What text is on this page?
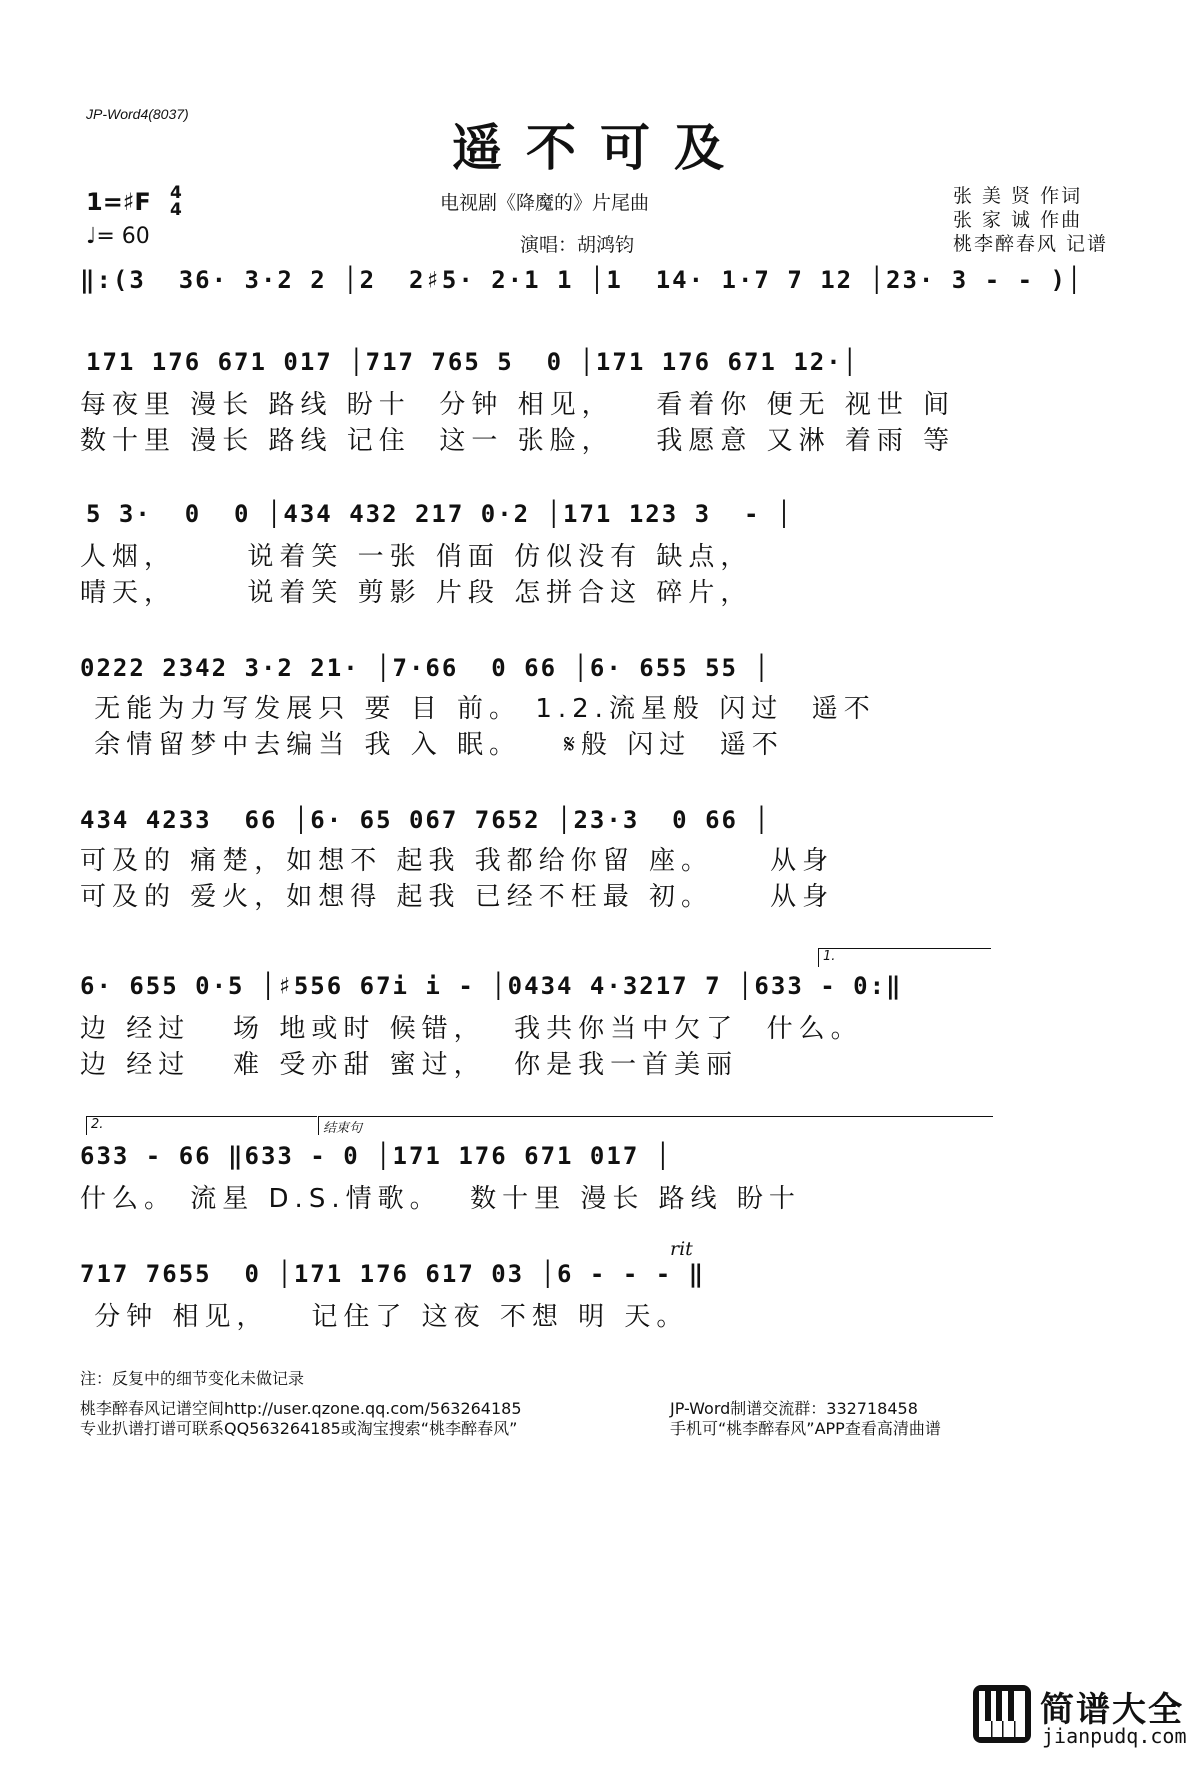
JP-Word4(8037)
遥不可及
电视剧《降魔的》片尾曲
演唱：胡鸿钧
张 美 贤 作词
张 家 诚 作曲
桃李醉春风 记谱
1=♯F 4
4
♩= 60
‖:(3  36· 3·2 2 │2  2♯5· 2·1 1 │1  14· 1·7 7 12 │23· 3 - - )│
171 176 671 017 │717 765 5  0 │171 176 671 12·│
每夜里 漫长 路线 盼十  分钟 相见，   看着你 便无 视世 间
数十里 漫长 路线 记住  这一 张脸，   我愿意 又淋 着雨 等
5 3·  0  0 │434 432 217 0·2 │171 123 3  - │
人烟，     说着笑 一张 俏面 仿似没有 缺点，
晴天，     说着笑 剪影 片段 怎拼合这 碎片，
0222 2342 3·2 21· │7·66  0 66 │6· 655 55 │
无能为力写发展只 要 目 前。 1.2.流星般 闪过  遥不
余情留梦中去编当 我 入 眠。   𝄋般 闪过  遥不
434 4233  66 │6· 65 067 7652 │23·3  0 66 │
可及的 痛楚，如想不 起我 我都给你留 座。    从身
可及的 爱火，如想得 起我 已经不枉最 初。    从身
1.
6· 655 0·5 │♯556 67i i - │0434 4·3217 7 │633 - 0:‖
边 经过   场 地或时 候错，  我共你当中欠了  什么。
边 经过   难 受亦甜 蜜过，  你是我一首美丽
2.	结束句
633 - 66 ‖633 - 0 │171 176 671 017 │
什么。 流星 D.S.情歌。  数十里 漫长 路线 盼十
rit
717 7655  0 │171 176 617 03 │6 - - - ‖
分钟 相见，   记住了 这夜 不想 明 天。
注：反复中的细节变化未做记录
桃李醉春风记谱空间http://user.qzone.qq.com/563264185
专业扒谱打谱可联系QQ563264185或淘宝搜索“桃李醉春风”
JP-Word制谱交流群：332718458
手机可“桃李醉春风”APP查看高清曲谱
简谱大全
jianpudq.com
